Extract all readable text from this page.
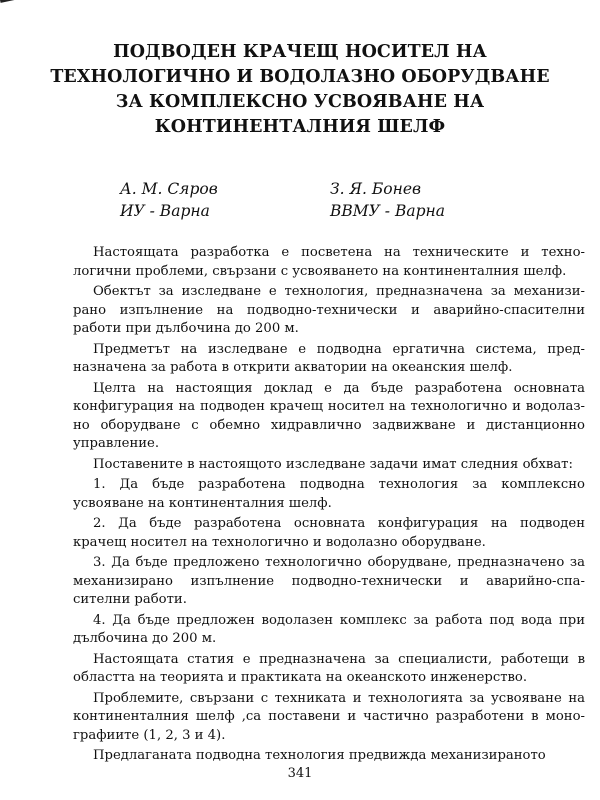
ПОДВОДЕН КРАЧЕЩ НОСИТЕЛ НА
ТЕХНОЛОГИЧНО И ВОДОЛАЗНО ОБОРУДВАНЕ
ЗА КОМПЛЕКСНО УСВОЯВАНЕ НА
КОНТИНЕНТАЛНИЯ ШЕЛФ
А. М. Сяров
ИУ - Варна
З. Я. Бонев
ВВМУ - Варна

Настоящата разработка е посветена на техническите и техно-
логични проблеми, свързани с усвояването на континенталния шелф.

Обектът за изследване е технология, предназначена за механизи-
рано изпълнение на подводно-технически и аварийно-спасителни
работи при дълбочина до 200 м.

Предметът на изследване е подводна ергатична система, пред-
назначена за работа в открити акватории на океанския шелф.

Целта на настоящия доклад е да бъде разработена основната
конфигурация на подводен крачещ носител на технологично и водолаз-
но оборудване с обемно хидравлично задвижване и дистанционно
управление.

Поставените в настоящото изследване задачи имат следния обхват:

1. Да бъде разработена подводна технология за комплексно
усвояване на континенталния шелф.

2. Да бъде разработена основната конфигурация на подводен
крачещ носител на технологично и водолазно оборудване.

3. Да бъде предложено технологично оборудване, предназначено за
механизирано изпълнение подводно-технически и аварийно-спа-
сителни работи.

4. Да бъде предложен водолазен комплекс за работа под вода при
дълбочина до 200 м.

Настоящата статия е предназначена за специалисти, работещи в
областта на теорията и практиката на океанското инженерство.

Проблемите, свързани с техниката и технологията за усвояване на
континенталния шелф ,са поставени и частично разработени в моно-
графиите (1, 2, 3 и 4).

Предлаганата подводна технология предвижда механизираното

341
